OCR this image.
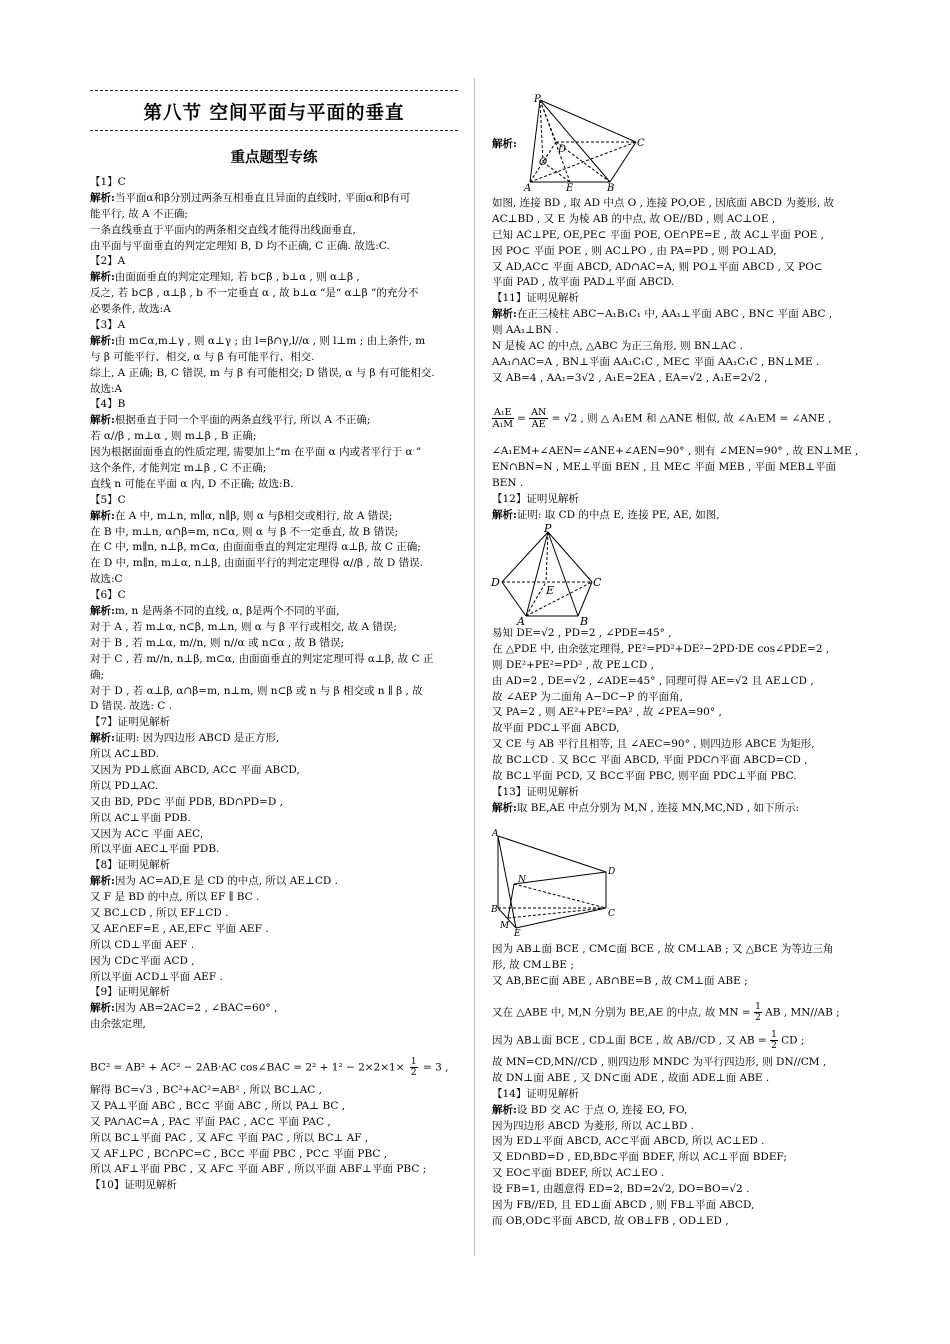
第八节 空间平面与平面的垂直
重点题型专练
【1】C
解析:当平面α和β分别过两条互相垂直且异面的直线时, 平面α和β有可
能平行, 故 A 不正确;
一条直线垂直于平面内的两条相交直线才能得出线面垂直,
由平面与平面垂直的判定定理知 B, D 均不正确, C 正确. 故选:C.
【2】A
解析:由面面垂直的判定定理知, 若 b⊂β , b⊥α , 则 α⊥β ,
反之, 若 b⊂β , α⊥β , b 不一定垂直 α , 故 b⊥α “是“ α⊥β ”的充分不
必要条件, 故选:A
【3】A
解析:由 m⊂α,m⊥γ , 则 α⊥γ ; 由 l=β∩γ,l//α , 则 l⊥m ; 由上条件, m
与 β 可能平行、相交, α 与 β 有可能平行、相交.
综上, A 正确; B, C 错误, m 与 β 有可能相交; D 错误, α 与 β 有可能相交.
故选:A
【4】B
解析:根据垂直于同一个平面的两条直线平行, 所以 A 不正确;
若 α//β , m⊥α , 则 m⊥β , B 正确;
因为根据面面垂直的性质定理, 需要加上“m 在平面 α 内或者平行于 α ”
这个条件, 才能判定 m⊥β , C 不正确;
直线 n 可能在平面 α 内, D 不正确; 故选:B.
【5】C
解析:在 A 中, m⊥n, m∥α, n∥β, 则 α 与β相交或相行, 故 A 错误;
在 B 中, m⊥n, α∩β=m, n⊂α, 则 α 与 β 不一定垂直, 故 B 错误;
在 C 中, m∥n, n⊥β, m⊂α, 由面面垂直的判定定理得 α⊥β, 故 C 正确;
在 D 中, m∥n, m⊥α, n⊥β, 由面面平行的判定定理得 α//β , 故 D 错误.
故选:C
【6】C
解析:m, n 是两条不同的直线, α, β是两个不同的平面,
对于 A , 若 m⊥α, n⊂β, m⊥n, 则 α 与 β 平行或相交, 故 A 错误;
对于 B , 若 m⊥α, m//n, 则 n//α 或 n⊂α , 故 B 错误;
对于 C , 若 m//n, n⊥β, m⊂α, 由面面垂直的判定定理可得 α⊥β, 故 C 正
确;
对于 D , 若 α⊥β, α∩β=m, n⊥m, 则 n⊂β 或 n 与 β 相交或 n ∥ β , 故
D 错误. 故选: C .
【7】证明见解析
解析:证明: 因为四边形 ABCD 是正方形,
所以 AC⊥BD.
又因为 PD⊥底面 ABCD, AC⊂ 平面 ABCD,
所以 PD⊥AC.
又由 BD, PD⊂ 平面 PDB, BD∩PD=D ,
所以 AC⊥平面 PDB.
又因为 AC⊂ 平面 AEC,
所以平面 AEC⊥平面 PDB.
【8】证明见解析
解析:因为 AC=AD,E 是 CD 的中点, 所以 AE⊥CD .
又 F 是 BD 的中点, 所以 EF ∥ BC .
又 BC⊥CD , 所以 EF⊥CD .
又 AE∩EF=E , AE,EF⊂ 平面 AEF .
所以 CD⊥平面 AEF .
因为 CD⊂平面 ACD ,
所以平面 ACD⊥平面 AEF .
【9】证明见解析
解析:因为 AB=2AC=2 , ∠BAC=60° ,
由余弦定理,
BC² = AB² + AC² − 2AB·AC cos∠BAC = $2^2 + 1^2 - 2\times 2\times 1\times \frac{1}{2} = 3$ ,
解得 BC=√3 , BC²+AC²=AB² , 所以 BC⊥AC ,
又 PA⊥平面 ABC , BC⊂ 平面 ABC , 所以 PA⊥ BC ,
又 PA∩AC=A , PA⊂ 平面 PAC , AC⊂ 平面 PAC ,
所以 BC⊥平面 PAC , 又 AF⊂ 平面 PAC , 所以 BC⊥ AF ,
又 AF⊥PC , BC∩PC=C , BC⊂ 平面 PBC , PC⊂ 平面 PBC ,
所以 AF⊥平面 PBC , 又 AF⊂ 平面 ABF , 所以平面 ABF⊥平面 PBC ;
【10】证明见解析
解析:
P
D
C
O
A	E	B
如图, 连接 BD , 取 AD 中点 O , 连接 PO,OE , 因底面 ABCD 为菱形, 故
AC⊥BD , 又 E 为棱 AB 的中点, 故 OE//BD , 则 AC⊥OE ,
已知 AC⊥PE, OE,PE⊂ 平面 POE, OE∩PE=E , 故 AC⊥平面 POE ,
因 PO⊂ 平面 POE , 则 AC⊥PO , 由 PA=PD , 则 PO⊥AD,
又 AD,AC⊂ 平面 ABCD, AD∩AC=A, 则 PO⊥平面 ABCD , 又 PO⊂
平面 PAD , 故平面 PAD⊥平面 ABCD.
【11】证明见解析
解析:在正三棱柱 ABC−A₁B₁C₁ 中, AA₁⊥平面 ABC , BN⊂ 平面 ABC ,
则 AA₁⊥BN .
N 是棱 AC 的中点, △ABC 为正三角形, 则 BN⊥AC .
AA₁∩AC=A , BN⊥平面 AA₁C₁C , ME⊂ 平面 AA₁C₁C , BN⊥ME .
又 AB=4 , AA₁=3√2 , A₁E=2EA , EA=√2 , A₁E=2√2 ,
$\frac{\text{A₁E}}{\text{A₁M}} = \frac{AN}{AE} = √2$ , 则 △ A₁EM 和 △ANE 相似, 故 ∠A₁EM = ∠ANE ,
∠A₁EM+∠AEN=∠ANE+∠AEN=90° , 则有 ∠MEN=90° , 故 EN⊥ME ,
EN∩BN=N , ME⊥平面 BEN , 且 ME⊂ 平面 MEB , 平面 MEB⊥平面
BEN .
【12】证明见解析
解析:证明: 取 CD 的中点 E, 连接 PE, AE, 如图,
P
D	C
E
A	B
易知 DE=√2 , PD=2 , ∠PDE=45° ,
在 △PDE 中, 由余弦定理得, PE²=PD²+DE²−2PD·DE cos∠PDE=2 ,
则 DE²+PE²=PD² , 故 PE⊥CD ,
由 AD=2 , DE=√2 , ∠ADE=45° , 同理可得 AE=√2 且 AE⊥CD ,
故 ∠AEP 为二面角 A−DC−P 的平面角,
又 PA=2 , 则 AE²+PE²=PA² , 故 ∠PEA=90° ,
故平面 PDC⊥平面 ABCD,
又 CE 与 AB 平行且相等, 且 ∠AEC=90° , 则四边形 ABCE 为矩形,
故 BC⊥CD . 又 BC⊂ 平面 ABCD, 平面 PDC∩平面 ABCD=CD ,
故 BC⊥平面 PCD, 又 BC⊂平面 PBC, 则平面 PDC⊥平面 PBC.
【13】证明见解析
解析:取 BE,AE 中点分别为 M,N , 连接 MN,MC,ND , 如下所示:
A
N
D
B	C
E
M
因为 AB⊥面 BCE , CM⊂面 BCE , 故 CM⊥AB ; 又 △BCE 为等边三角
形, 故 CM⊥BE ;
又 AB,BE⊂面 ABE , AB∩BE=B , 故 CM⊥面 ABE ;
又在 △ABE 中, M,N 分别为 BE,AE 的中点, 故 MN = $\frac{1}{2}$ AB , MN//AB ;
因为 AB⊥面 BCE , CD⊥面 BCE , 故 AB//CD , 又 AB = $\frac{1}{2}$ CD ;
故 MN=CD,MN//CD , 则四边形 MNDC 为平行四边形, 则 DN//CM ,
故 DN⊥面 ABE , 又 DN⊂面 ADE , 故面 ADE⊥面 ABE .
【14】证明见解析
解析:设 BD 交 AC 于点 O, 连接 EO, FO,
因为四边形 ABCD 为菱形, 所以 AC⊥BD .
因为 ED⊥平面 ABCD, AC⊂平面 ABCD, 所以 AC⊥ED .
又 ED∩BD=D , ED,BD⊂平面 BDEF, 所以 AC⊥平面 BDEF;
又 EO⊂平面 BDEF, 所以 AC⊥EO .
设 FB=1, 由题意得 ED=2, BD=2√2, DO=BO=√2 .
因为 FB//ED, 且 ED⊥面 ABCD , 则 FB⊥平面 ABCD,
而 OB,OD⊂平面 ABCD, 故 OB⊥FB , OD⊥ED ,
